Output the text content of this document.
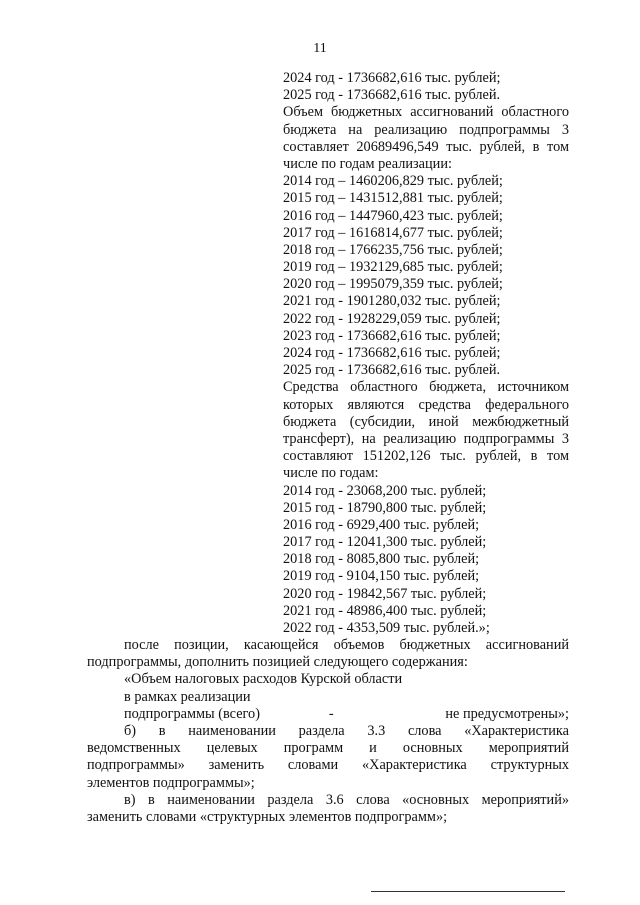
11
2024 год - 1736682,616 тыс. рублей;
2025 год - 1736682,616 тыс. рублей.
Объем бюджетных ассигнований областного
бюджета на реализацию подпрограммы 3
составляет 20689496,549 тыс. рублей, в том
числе по годам реализации:
2014 год – 1460206,829 тыс. рублей;
2015 год – 1431512,881 тыс. рублей;
2016 год – 1447960,423 тыс. рублей;
2017 год – 1616814,677 тыс. рублей;
2018 год – 1766235,756 тыс. рублей;
2019 год – 1932129,685 тыс. рублей;
2020 год – 1995079,359 тыс. рублей;
2021 год - 1901280,032 тыс. рублей;
2022 год - 1928229,059 тыс. рублей;
2023 год - 1736682,616 тыс. рублей;
2024 год - 1736682,616 тыс. рублей;
2025 год - 1736682,616 тыс. рублей.
Средства областного бюджета, источником
которых являются средства федерального
бюджета (субсидии, иной межбюджетный
трансферт), на реализацию подпрограммы 3
составляют 151202,126 тыс. рублей, в том
числе по годам:
2014 год - 23068,200 тыс. рублей;
2015 год - 18790,800 тыс. рублей;
2016 год - 6929,400 тыс. рублей;
2017 год - 12041,300 тыс. рублей;
2018 год - 8085,800 тыс. рублей;
2019 год - 9104,150 тыс. рублей;
2020 год - 19842,567 тыс. рублей;
2021 год - 48986,400 тыс. рублей;
2022 год - 4353,509 тыс. рублей.»;
после позиции, касающейся объемов бюджетных ассигнований
подпрограммы, дополнить позицией следующего содержания:
«Объем налоговых расходов Курской области
в рамках реализации
подпрограммы (всего)	-	не предусмотрены»;
б) в наименовании раздела 3.3 слова «Характеристика
ведомственных целевых программ и основных мероприятий
подпрограммы» заменить словами «Характеристика структурных
элементов подпрограммы»;
в) в наименовании раздела 3.6 слова «основных мероприятий»
заменить словами «структурных элементов подпрограмм»;
